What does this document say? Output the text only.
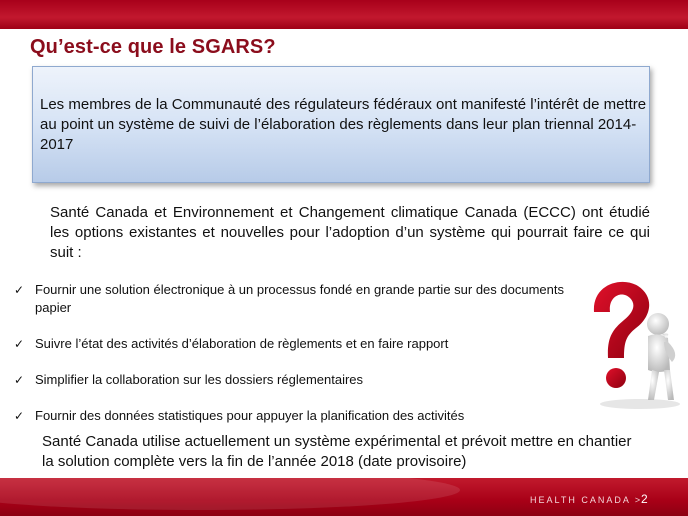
Qu’est-ce que le SGARS?
Les membres de la Communauté des régulateurs fédéraux ont manifesté l’intérêt de mettre au point un système de suivi de l’élaboration des règlements dans leur plan triennal 2014-2017
Santé Canada et Environnement et Changement climatique Canada (ECCC) ont étudié les options existantes et nouvelles pour l’adoption d’un système qui pourrait faire ce qui suit :
✓ Fournir une solution électronique à un processus fondé en grande partie sur des documents papier
✓ Suivre l’état des activités d’élaboration de règlements et en faire rapport
✓ Simplifier la collaboration sur les dossiers réglementaires
✓ Fournir des données statistiques pour appuyer la planification des activités
Santé Canada utilise actuellement un système expérimental et prévoit mettre en chantier la solution complète vers la fin de l’année 2018 (date provisoire)
HEALTH CANADA >
2
